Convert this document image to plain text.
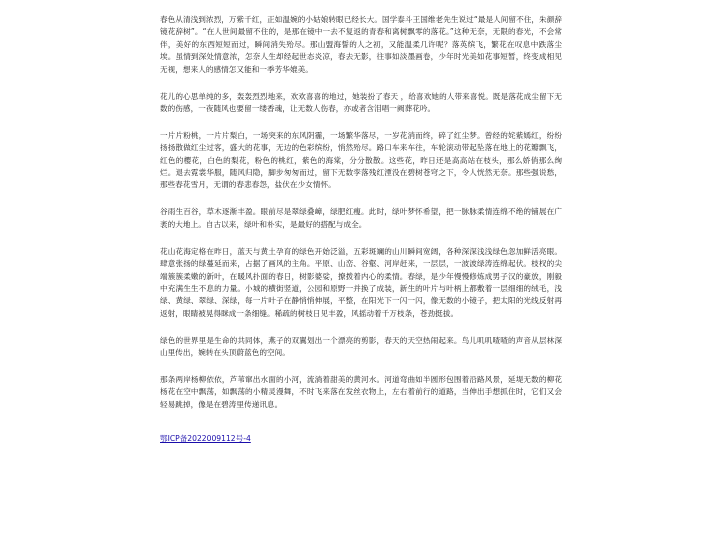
春色从清浅到浓烈，万紫千红，正如温婉的小姑娘转眼已经长大。国学泰斗王国维老先生说过“最是人间留不住，朱颜辞镜花辞树”。“在人世间最留不住的，是那在镜中一去不复返的青春和离树飘零的落花。”这种无奈，无限的春光，不会常伴，美好的东西短短而过，瞬间消失殆尽。那山盟海誓的人之初，又能温柔几许呢？落英缤飞，繁花在叹息中跌落尘埃。虽情到深处情意浓，怎奈人生却经起世态炎凉，春去无影，往事如淡墨画卷，少年时光美如花事短暂，终变成相见无视，想来人的感情怎又能和一季芳华媲美。

花儿的心思单纯的多，轰轰烈烈地来，欢欢喜喜的地过，她装扮了春天 ，给喜欢她的人带来喜悦。既是落花成尘留下无数的伤感，一夜随风也要留一缕香魂，让无数人伤春，亦或者含泪唱一阙葬花吟。

一片片粉桃，一片片梨白，一场突来的东风阴霾，一场繁华落尽，一岁花消而终，碎了红尘梦。曾经的姹紫嫣红，纷纷扬扬散做红尘过客，盛大的花事，无边的色彩缤纷，悄然殆尽。路口车来车往，车轮滚动带起坠落在地上的花瓣飘飞，红色的樱花，白色的梨花，粉色的桃红，紫色的海棠，分分散散。这些花，昨日还是高高站在枝头，那么娇俏那么绚烂。退去霓裳华服，随风归隐，脚步匆匆而过，留下无数孪落残红湮没在碧树苍穹之下，令人恍然无奈。那些强说愁，那些春花雪月，无谓的春悲春怨，盐伏在少女情怀。

谷雨生百谷，草木逐渐丰盈。眼前尽是翠绿叠嶂，绿肥红瘦。此时，绿叶梦怀希望，把一脉脉柔情连绵不绝的铺展在广袤的大地上。自古以来，绿叶和朴实，是最好的搭配与成全。

花山花海定格在昨日，蓝天与黄土孕育的绿色开始泛溢，五彩斑斓的山川瞬间宽阔，各种深深浅浅绿色忽加鲜活亮眼。肆意张扬的绿蔓延而来，占据了画风的主角。平原、山峦、谷壑、河岸赶来，一层层，一波波绿涛连绵起伏。枝杈的尖端簇簇柔嫩的新叶，在暖风扑面的春日，树影婆娑，撩拨着内心的柔情。春绿，是少年慢慢修炼成男子汉的豪放，刚毅中充满生生不息的力量。小城的横街竖道，公园和原野一并换了成装，新生的叶片与叶柄上都敷着一层细细的绒毛，浅绿、黄绿、翠绿、深绿，每一片叶子在静悄悄伸展，平整，在阳光下一闪一闪，像无数的小镜子，把太阳的光线反射再返射，眼睛被晃得眯成一条细缝。稀疏的树枝日见丰盈，风摇动着千万枝条，苍劲挺拔。

绿色的世界里是生命的共同体，燕子的双翼划出一个漂亮的剪影，春天的天空热闹起来。鸟儿叽叽喳喳的声音从层林深山里传出，婉转在头顶蔚蓝色的空间。

那条两岸杨柳依依，芦苇窜出水面的小河，流淌着甜美的黄河水。河道弯曲如半圆形包围着沿路风景，延堤无数的柳花杨花在空中飘荡，如飘荡的小精灵漫舞，不时飞来落在发丝衣物上，左右着前行的道路，当伸出手想抓住时，它们又会轻易跳掉，像是在碧涛里传递讯息。

鄂ICP备2022009112号-4
